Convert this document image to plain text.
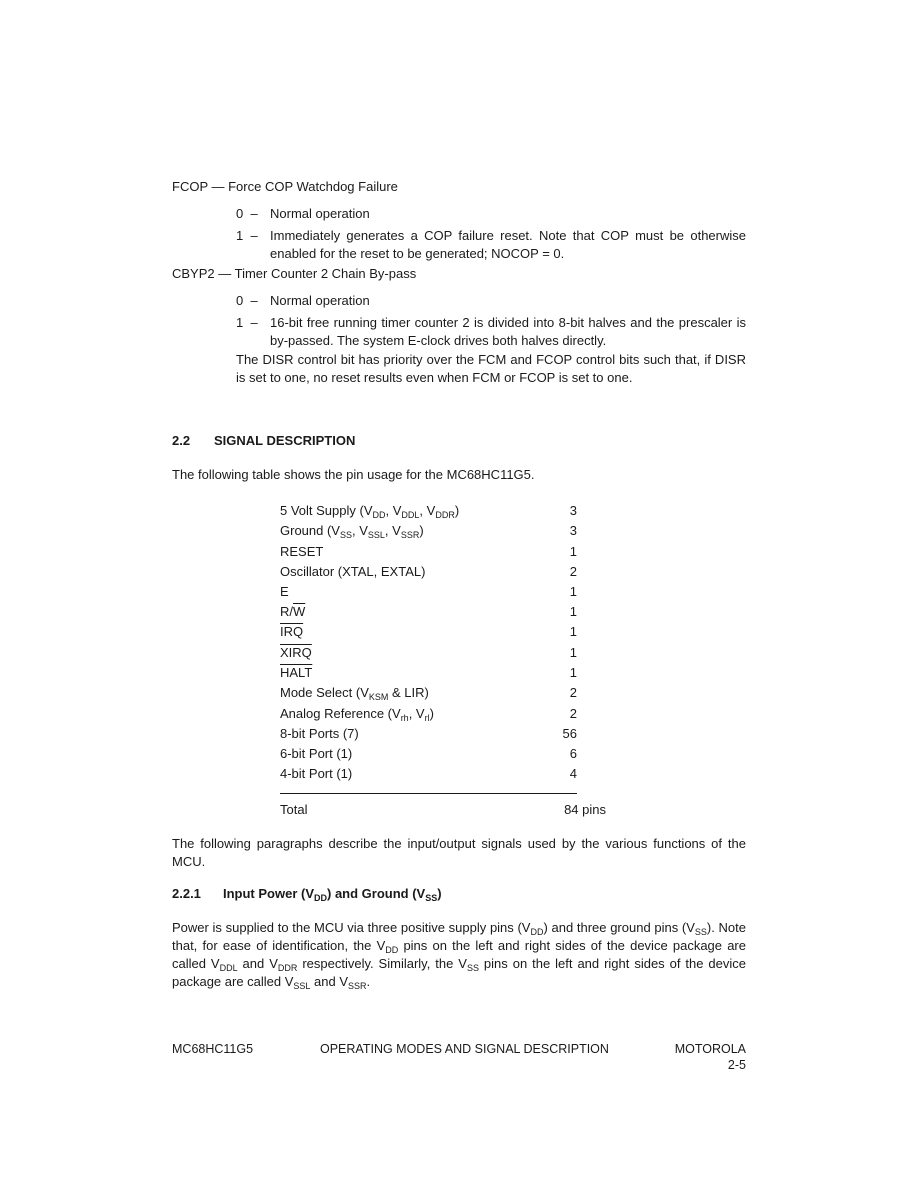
FCOP — Force COP Watchdog Failure
0 – Normal operation
1 – Immediately generates a COP failure reset. Note that COP must be otherwise enabled for the reset to be generated; NOCOP = 0.
CBYP2 — Timer Counter 2 Chain By-pass
0 – Normal operation
1 – 16-bit free running timer counter 2 is divided into 8-bit halves and the prescaler is by-passed. The system E-clock drives both halves directly.
The DISR control bit has priority over the FCM and FCOP control bits such that, if DISR is set to one, no reset results even when FCM or FCOP is set to one.
2.2 SIGNAL DESCRIPTION
The following table shows the pin usage for the MC68HC11G5.
5 Volt Supply ($V_{DD}$, $V_{DDL}$, $V_{DDR}$)	3
Ground ($V_{SS}$, $V_{SSL}$, $V_{SSR}$)	3
RESET	1
Oscillator (XTAL, EXTAL)	2
E	1
$R/\overline{W}$	1
$\overline{IRQ}$	1
XIRQ	1
HALT	1
Mode Select ($V_{KSM}$ & LIR)	2
Analog Reference ($V_{rh}$, $V_{rl}$)	2
8-bit Ports (7)	56
6-bit Port (1)	6
4-bit Port (1)	4
Total	84 pins
The following paragraphs describe the input/output signals used by the various functions of the MCU.
2.2.1 Input Power $(V_{DD})$ and Ground $(V_{SS})$
Power is supplied to the MCU via three positive supply pins $(V_{DD})$ and three ground pins $(V_{SS})$. Note that, for ease of identification, the $V_{DD}$ pins on the left and right sides of the device package are called $V_{DDL}$ and $V_{DDR}$ respectively. Similarly, the $V_{SS}$ pins on the left and right sides of the device package are called $V_{SSL}$ and $V_{SSR}$.
MC68HC11G5	OPERATING MODES AND SIGNAL DESCRIPTION	MOTOROLA
2-5
